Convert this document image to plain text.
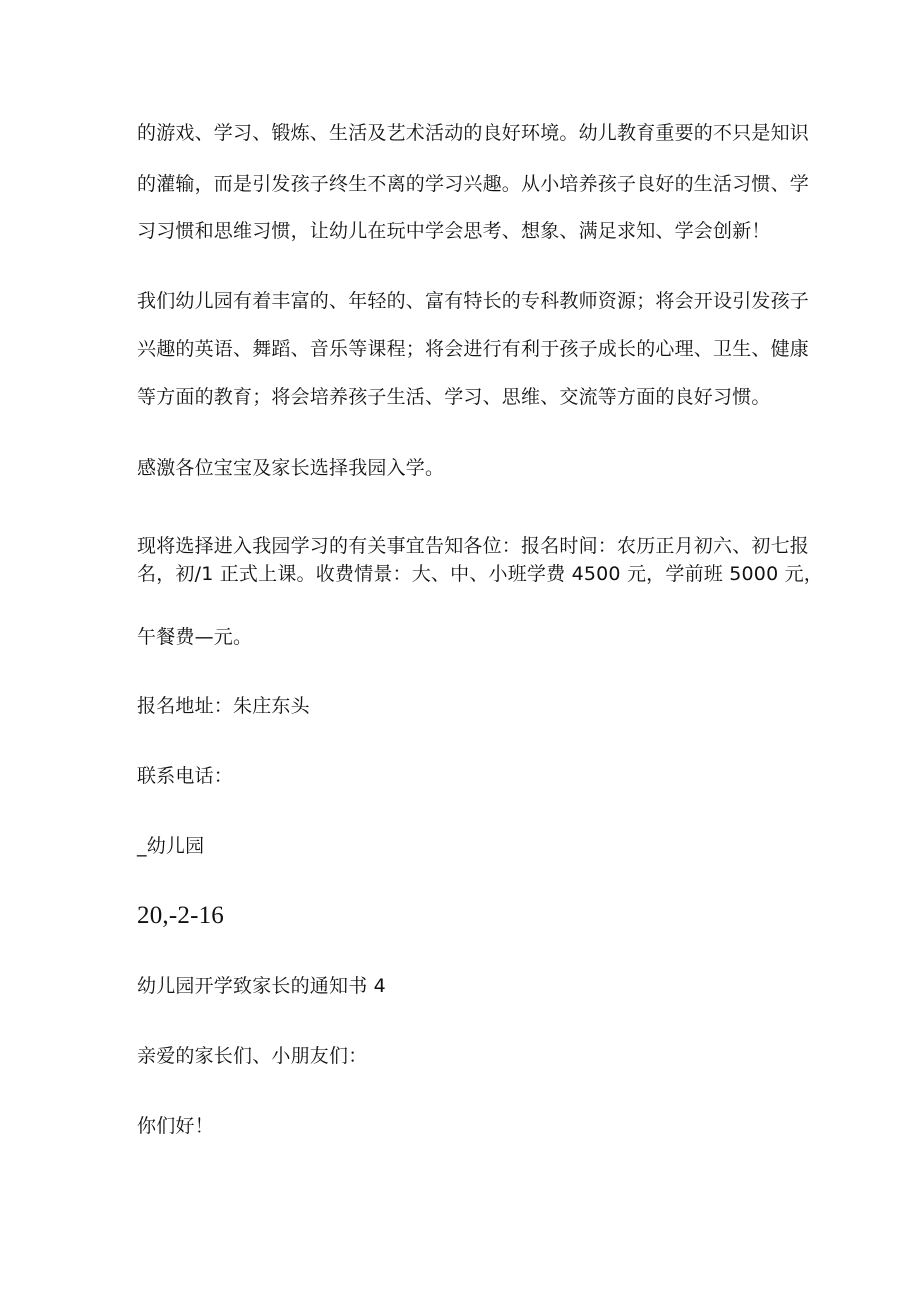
的游戏、学习、锻炼、生活及艺术活动的良好环境。幼儿教育重要的不只是知识
的灌输，而是引发孩子终生不离的学习兴趣。从小培养孩子良好的生活习惯、学
习习惯和思维习惯，让幼儿在玩中学会思考、想象、满足求知、学会创新！
我们幼儿园有着丰富的、年轻的、富有特长的专科教师资源；将会开设引发孩子
兴趣的英语、舞蹈、音乐等课程；将会进行有利于孩子成长的心理、卫生、健康
等方面的教育；将会培养孩子生活、学习、思维、交流等方面的良好习惯。
感激各位宝宝及家长选择我园入学。
现将选择进入我园学习的有关事宜告知各位：报名时间：农历正月初六、初七报
名，初/1 正式上课。收费情景：大、中、小班学费 4500 元，学前班 5000 元，
午餐费—元。
报名地址：朱庄东头
联系电话：
_幼儿园
20,-2-16
幼儿园开学致家长的通知书 4
亲爱的家长们、小朋友们：
你们好！
